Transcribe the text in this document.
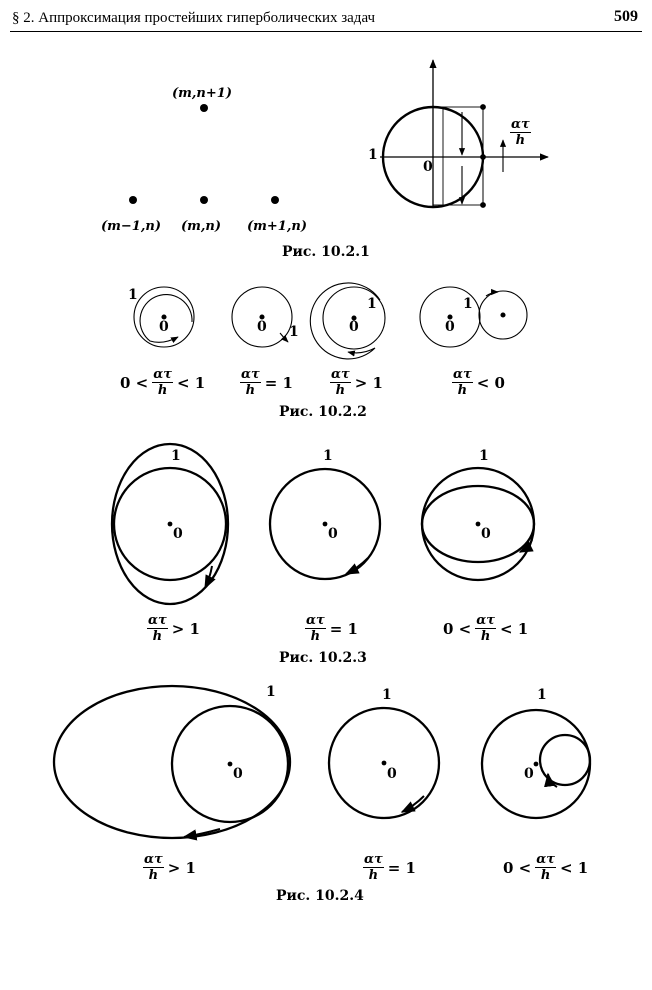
§ 2. Аппроксимация простейших гиперболических задач	509
(m,n+1)
(m−1,n) (m,n) (m+1,n)
1
0
$\frac{\alpha\tau}{h}$
Рис. 10.2.1
1
0	1
0
1
0
1
0
$0 < \frac{\alpha\tau}{h} < 1$	$\frac{\alpha\tau}{h} = 1$	$\frac{\alpha\tau}{h} > 1$	$\frac{\alpha\tau}{h} < 0$
Рис. 10.2.2
1
0
1
0
1
0
$\frac{\alpha\tau}{h} > 1$	$\frac{\alpha\tau}{h} = 1$	$0 < \frac{\alpha\tau}{h} < 1$
Рис. 10.2.3
1
0
1
0
1
0
$\frac{\alpha\tau}{h} > 1$	$\frac{\alpha\tau}{h} = 1$	$0 < \frac{\alpha\tau}{h} < 1$
Рис. 10.2.4
